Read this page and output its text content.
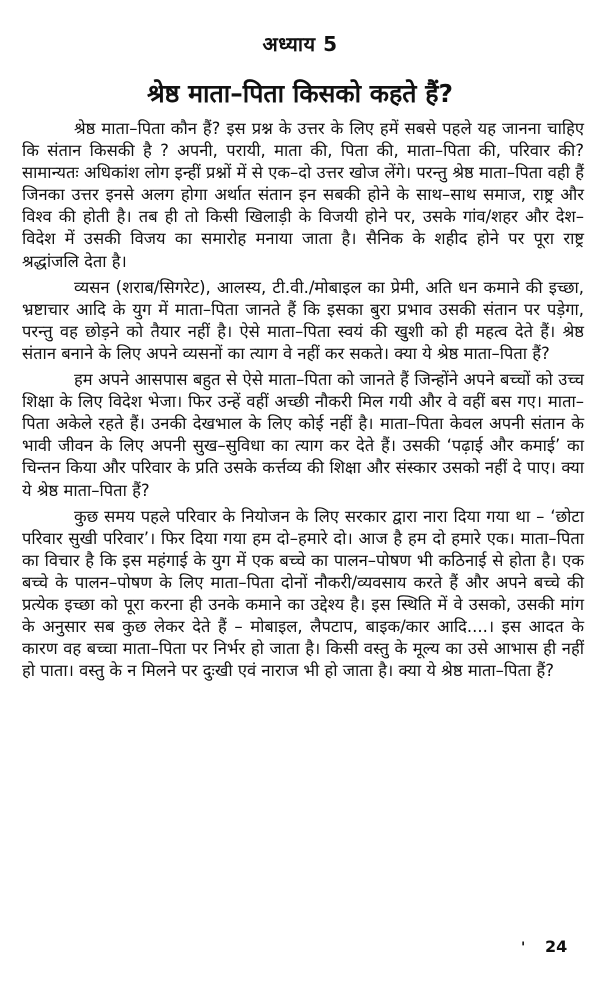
अध्याय 5
श्रेष्ठ माता–पिता किसको कहते हैं?

श्रेष्ठ माता–पिता कौन हैं? इस प्रश्न के उत्तर के लिए हमें सबसे पहले यह जानना चाहिए कि संतान किसकी है ? अपनी, परायी, माता की, पिता की, माता–पिता की, परिवार की? सामान्यतः अधिकांश लोग इन्हीं प्रश्नों में से एक–दो उत्तर खोज लेंगे। परन्तु श्रेष्ठ माता–पिता वही हैं जिनका उत्तर इनसे अलग होगा अर्थात संतान इन सबकी होने के साथ–साथ समाज, राष्ट्र और विश्व की होती है। तब ही तो किसी खिलाड़ी के विजयी होने पर, उसके गांव/शहर और देश–विदेश में उसकी विजय का समारोह मनाया जाता है। सैनिक के शहीद होने पर पूरा राष्ट्र श्रद्धांजलि देता है।

व्यसन (शराब/सिगरेट), आलस्य, टी.वी./मोबाइल का प्रेमी, अति धन कमाने की इच्छा, भ्रष्टाचार आदि के युग में माता–पिता जानते हैं कि इसका बुरा प्रभाव उसकी संतान पर पड़ेगा, परन्तु वह छोड़ने को तैयार नहीं है। ऐसे माता–पिता स्वयं की खुशी को ही महत्व देते हैं। श्रेष्ठ संतान बनाने के लिए अपने व्यसनों का त्याग वे नहीं कर सकते। क्या ये श्रेष्ठ माता–पिता हैं?

हम अपने आसपास बहुत से ऐसे माता–पिता को जानते हैं जिन्होंने अपने बच्चों को उच्च शिक्षा के लिए विदेश भेजा। फिर उन्हें वहीं अच्छी नौकरी मिल गयी और वे वहीं बस गए। माता–पिता अकेले रहते हैं। उनकी देखभाल के लिए कोई नहीं है। माता–पिता केवल अपनी संतान के भावी जीवन के लिए अपनी सुख–सुविधा का त्याग कर देते हैं। उसकी ‘पढ़ाई और कमाई’ का चिन्तन किया और परिवार के प्रति उसके कर्त्तव्य की शिक्षा और संस्कार उसको नहीं दे पाए। क्या ये श्रेष्ठ माता–पिता हैं?

कुछ समय पहले परिवार के नियोजन के लिए सरकार द्वारा नारा दिया गया था – ‘छोटा परिवार सुखी परिवार’। फिर दिया गया हम दो–हमारे दो। आज है हम दो हमारे एक। माता–पिता का विचार है कि इस महंगाई के युग में एक बच्चे का पालन–पोषण भी कठिनाई से होता है। एक बच्चे के पालन–पोषण के लिए माता–पिता दोनों नौकरी/व्यवसाय करते हैं और अपने बच्चे की प्रत्येक इच्छा को पूरा करना ही उनके कमाने का उद्देश्य है। इस स्थिति में वे उसको, उसकी मांग के अनुसार सब कुछ लेकर देते हैं – मोबाइल, लैपटाप, बाइक/कार आदि....। इस आदत के कारण वह बच्चा माता–पिता पर निर्भर हो जाता है। किसी वस्तु के मूल्य का उसे आभास ही नहीं हो पाता। वस्तु के न मिलने पर दुःखी एवं नाराज भी हो जाता है। क्या ये श्रेष्ठ माता–पिता हैं?

' 24
